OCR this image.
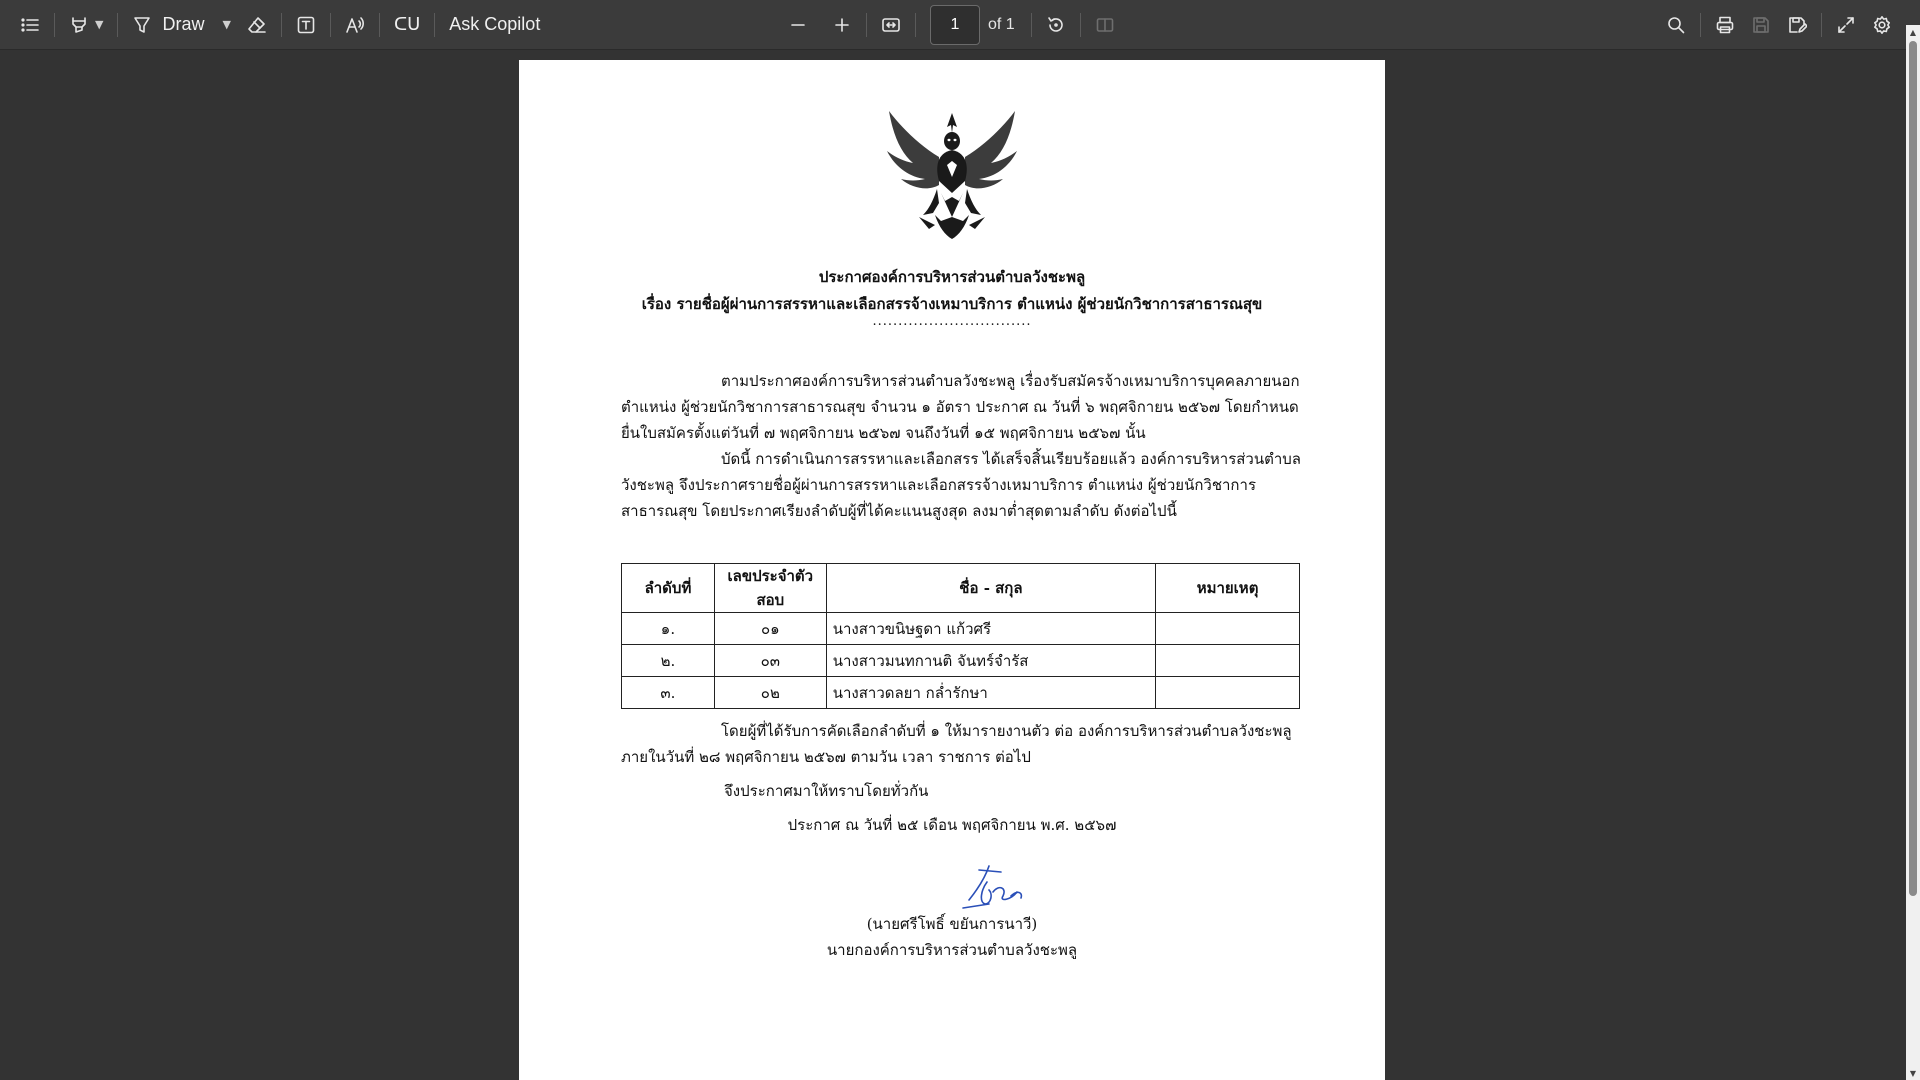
▼	Draw ▼	ᑕᑌ Ask Copilot
1	of 1
ประกาศองค์การบริหารส่วนตำบลวังชะพลู
เรื่อง รายชื่อผู้ผ่านการสรรหาและเลือกสรรจ้างเหมาบริการ ตำแหน่ง ผู้ช่วยนักวิชาการสาธารณสุข
...............................
ตามประกาศองค์การบริหารส่วนตำบลวังชะพลู เรื่องรับสมัครจ้างเหมาบริการบุคคลภายนอก ตำแหน่ง ผู้ช่วยนักวิชาการสาธารณสุข จำนวน ๑ อัตรา ประกาศ ณ วันที่ ๖ พฤศจิกายน ๒๕๖๗ โดยกำหนดยื่นใบสมัครตั้งแต่วันที่ ๗ พฤศจิกายน ๒๕๖๗ จนถึงวันที่ ๑๕ พฤศจิกายน ๒๕๖๗ นั้น
บัดนี้ การดำเนินการสรรหาและเลือกสรร ได้เสร็จสิ้นเรียบร้อยแล้ว องค์การบริหารส่วนตำบลวังชะพลู จึงประกาศรายชื่อผู้ผ่านการสรรหาและเลือกสรรจ้างเหมาบริการ ตำแหน่ง ผู้ช่วยนักวิชาการสาธารณสุข โดยประกาศเรียงลำดับผู้ที่ได้คะแนนสูงสุด ลงมาต่ำสุดตามลำดับ ดังต่อไปนี้
ลำดับที่	เลขประจำตัวสอบ	ชื่อ - สกุล	หมายเหตุ
๑.	๐๑	นางสาวขนิษฐดา แก้วศรี	
๒.	๐๓	นางสาวมนทกานติ จันทร์จำรัส	
๓.	๐๒	นางสาวดลยา กล่ำรักษา	
โดยผู้ที่ได้รับการคัดเลือกลำดับที่ ๑ ให้มารายงานตัว ต่อ องค์การบริหารส่วนตำบลวังชะพลู ภายในวันที่ ๒๘ พฤศจิกายน ๒๕๖๗ ตามวัน เวลา ราชการ ต่อไป
จึงประกาศมาให้ทราบโดยทั่วกัน
ประกาศ ณ วันที่ ๒๕ เดือน พฤศจิกายน พ.ศ. ๒๕๖๗
(นายศรีโพธิ์ ขยันการนาวี)
นายกองค์การบริหารส่วนตำบลวังชะพลู
▲
▼
